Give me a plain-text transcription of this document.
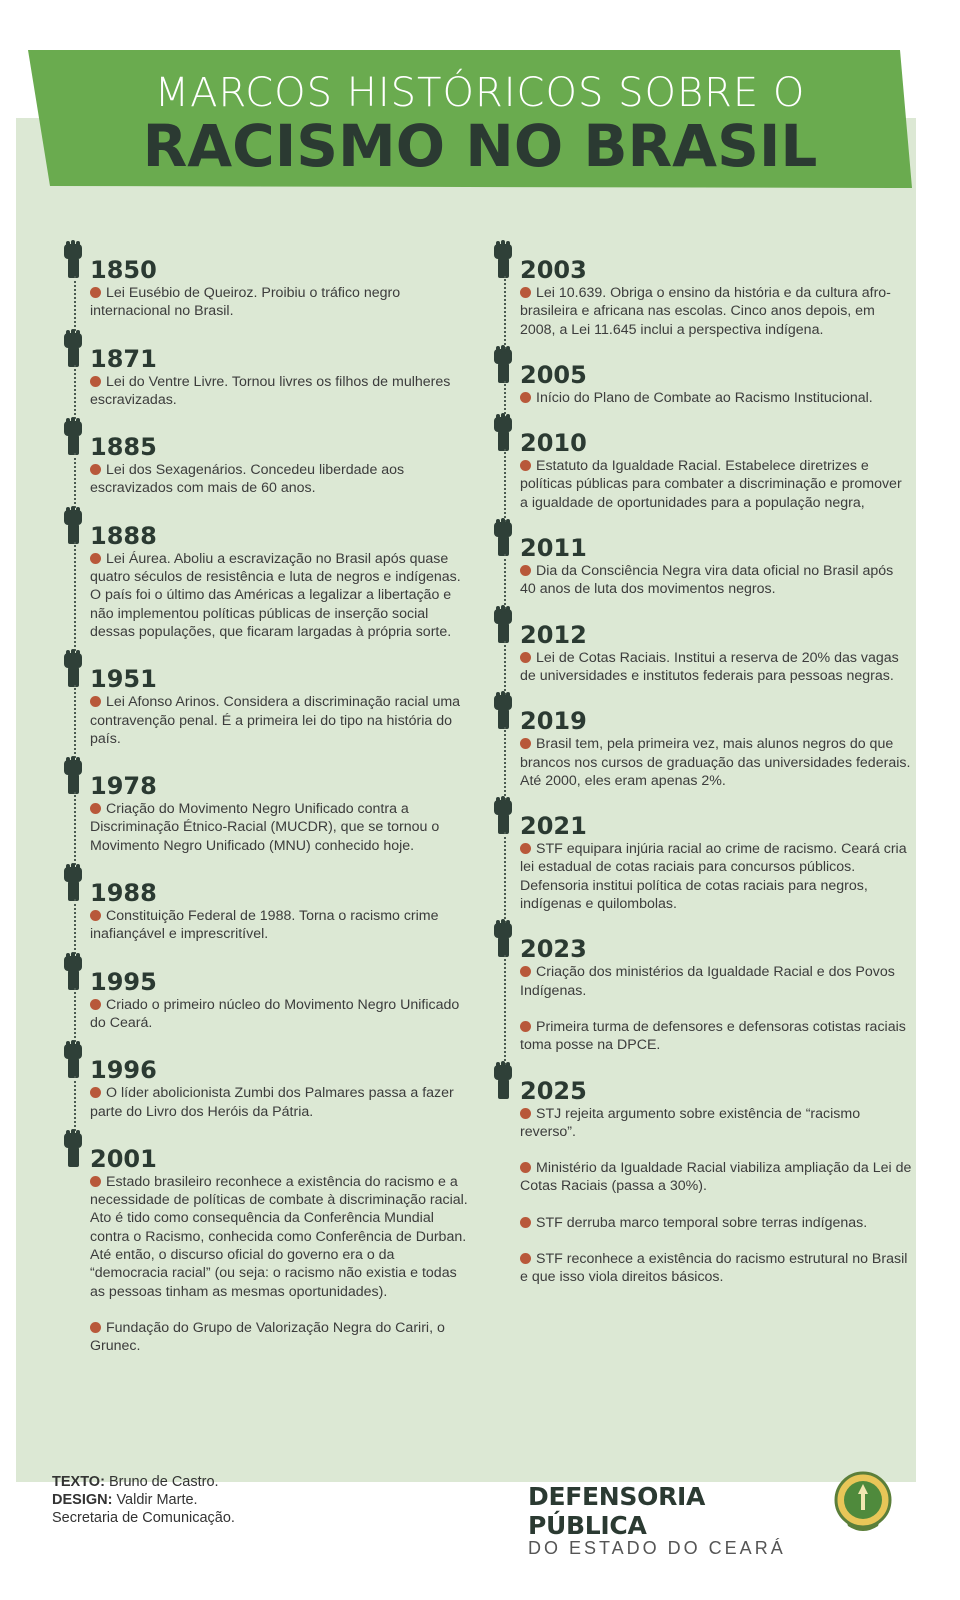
MARCOS HISTÓRICOS SOBRE O
RACISMO NO BRASIL
1850

Lei Eusébio de Queiroz. Proibiu o tráfico negro internacional no Brasil.

1871

Lei do Ventre Livre. Tornou livres os filhos de mulheres escravizadas.

1885

Lei dos Sexagenários. Concedeu liberdade aos escravizados com mais de 60 anos.

1888

Lei Áurea. Aboliu a escravização no Brasil após quase quatro séculos de resistência e luta de negros e indígenas. O país foi o último das Américas a legalizar a libertação e não implementou políticas públicas de inserção social dessas populações, que ficaram largadas à própria sorte.

1951

Lei Afonso Arinos. Considera a discriminação racial uma contravenção penal. É a primeira lei do tipo na história do país.

1978

Criação do Movimento Negro Unificado contra a Discriminação Étnico-Racial (MUCDR), que se tornou o Movimento Negro Unificado (MNU) conhecido hoje.

1988

Constituição Federal de 1988. Torna o racismo crime inafiançável e imprescritível.

1995

Criado o primeiro núcleo do Movimento Negro Unificado do Ceará.

1996

O líder abolicionista Zumbi dos Palmares passa a fazer parte do Livro dos Heróis da Pátria.

2001

Estado brasileiro reconhece a existência do racismo e a necessidade de políticas de combate à discriminação racial. Ato é tido como consequência da Conferência Mundial contra o Racismo, conhecida como Conferência de Durban. Até então, o discurso oficial do governo era o da “democracia racial” (ou seja: o racismo não existia e todas as pessoas tinham as mesmas oportunidades).

Fundação do Grupo de Valorização Negra do Cariri, o Grunec.

2003

Lei 10.639. Obriga o ensino da história e da cultura afro-brasileira e africana nas escolas. Cinco anos depois, em 2008, a Lei 11.645 inclui a perspectiva indígena.

2005

Início do Plano de Combate ao Racismo Institucional.

2010

Estatuto da Igualdade Racial. Estabelece diretrizes e políticas públicas para combater a discriminação e promover a igualdade de oportunidades para a população negra,

2011

Dia da Consciência Negra vira data oficial no Brasil após 40 anos de luta dos movimentos negros.

2012

Lei de Cotas Raciais. Institui a reserva de 20% das vagas de universidades e institutos federais para pessoas negras.

2019

Brasil tem, pela primeira vez, mais alunos negros do que brancos nos cursos de graduação das universidades federais. Até 2000, eles eram apenas 2%.

2021

STF equipara injúria racial ao crime de racismo. Ceará cria lei estadual de cotas raciais para concursos públicos. Defensoria institui política de cotas raciais para negros, indígenas e quilombolas.

2023

Criação dos ministérios da Igualdade Racial e dos Povos Indígenas.

Primeira turma de defensores e defensoras cotistas raciais toma posse na DPCE.

2025

STJ rejeita argumento sobre existência de “racismo reverso”.

Ministério da Igualdade Racial viabiliza ampliação da Lei de Cotas Raciais (passa a 30%).

STF derruba marco temporal sobre terras indígenas.

STF reconhece a existência do racismo estrutural no Brasil e que isso viola direitos básicos.

TEXTO: Bruno de Castro.
DESIGN: Valdir Marte.
Secretaria de Comunicação.
DEFENSORIA PÚBLICA
DO ESTADO DO CEARÁ
